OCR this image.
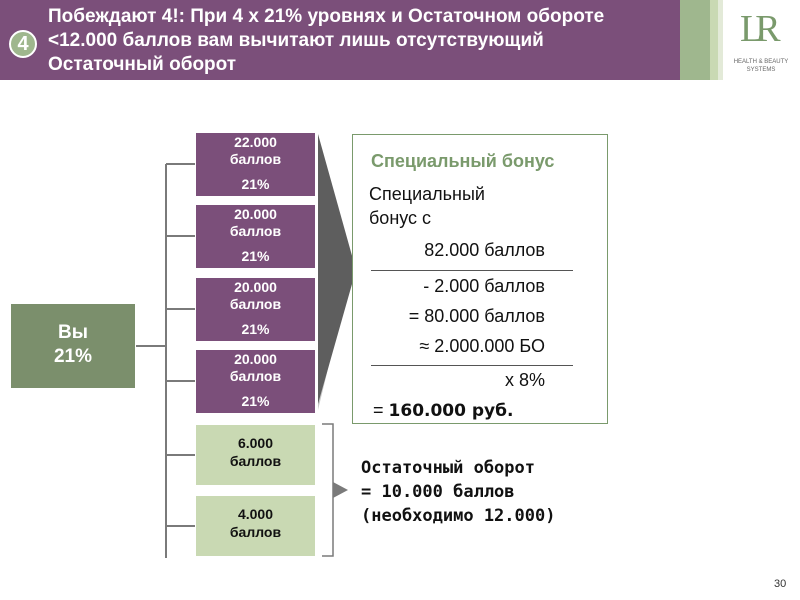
4
Побеждают 4!: При 4 х 21% уровнях и Остаточном обороте <12.000 баллов вам вычитают лишь отсутствующий Остаточный оборот
LR
HEALTH & BEAUTY SYSTEMS
Вы
21%
22.000
баллов
21%
20.000
баллов
21%
20.000
баллов
21%
20.000
баллов
21%
6.000
баллов
4.000
баллов
Специальный бонус
Специальный
бонус с
82.000 баллов
- 2.000 баллов
= 80.000 баллов
≈ 2.000.000 БО
x 8%
= 160.000 руб.
Остаточный оборот
= 10.000 баллов
(необходимо 12.000)
30
